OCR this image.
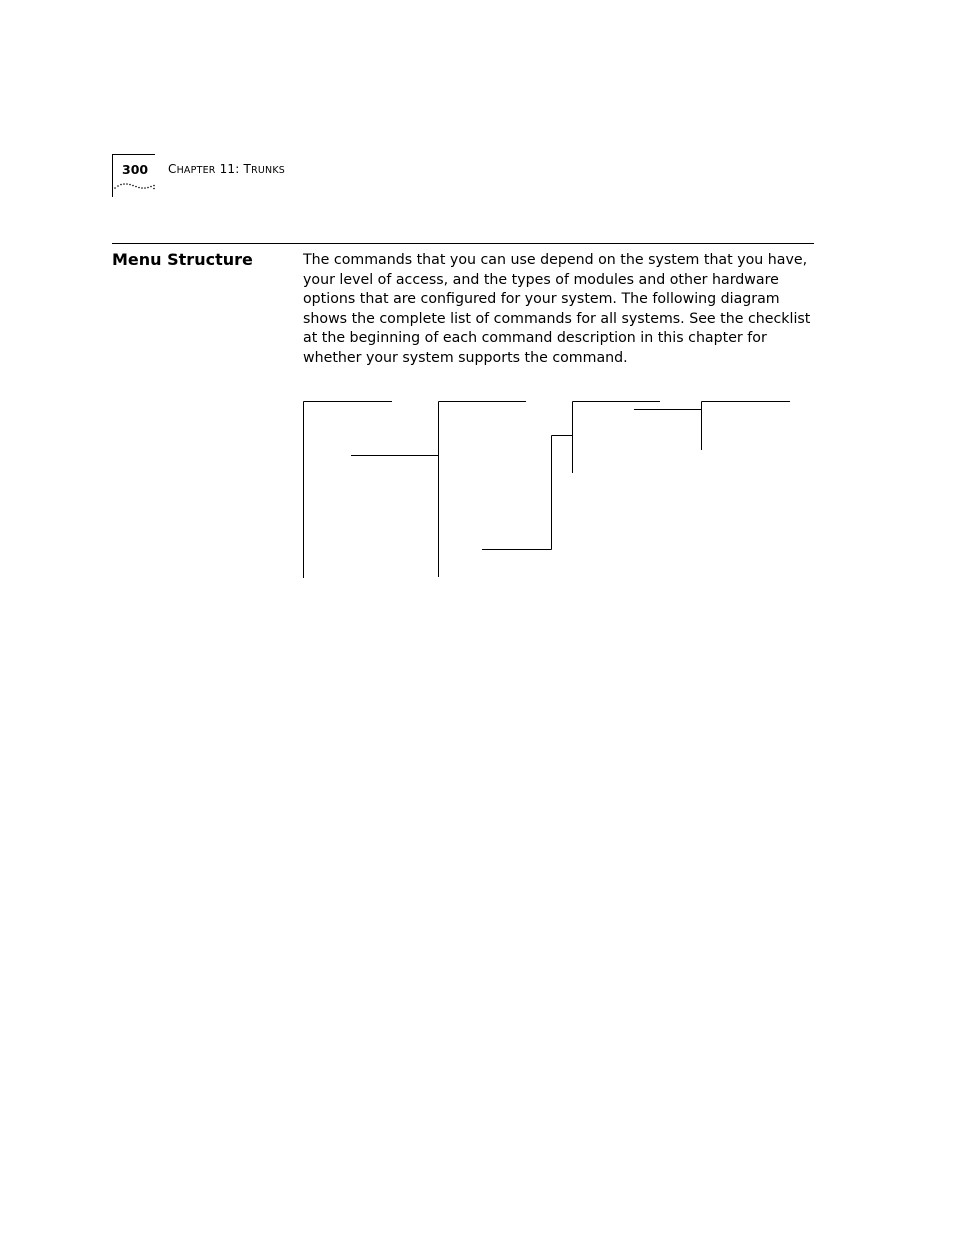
300 CHAPTER 11: TRUNKS
Menu Structure	The commands that you can use depend on the system that you have, your level of access, and the types of modules and other hardware options that are configured for your system. The following diagram shows the complete list of commands for all systems. See the checklist at the beginning of each command description in this chapter for whether your system supports the command.
